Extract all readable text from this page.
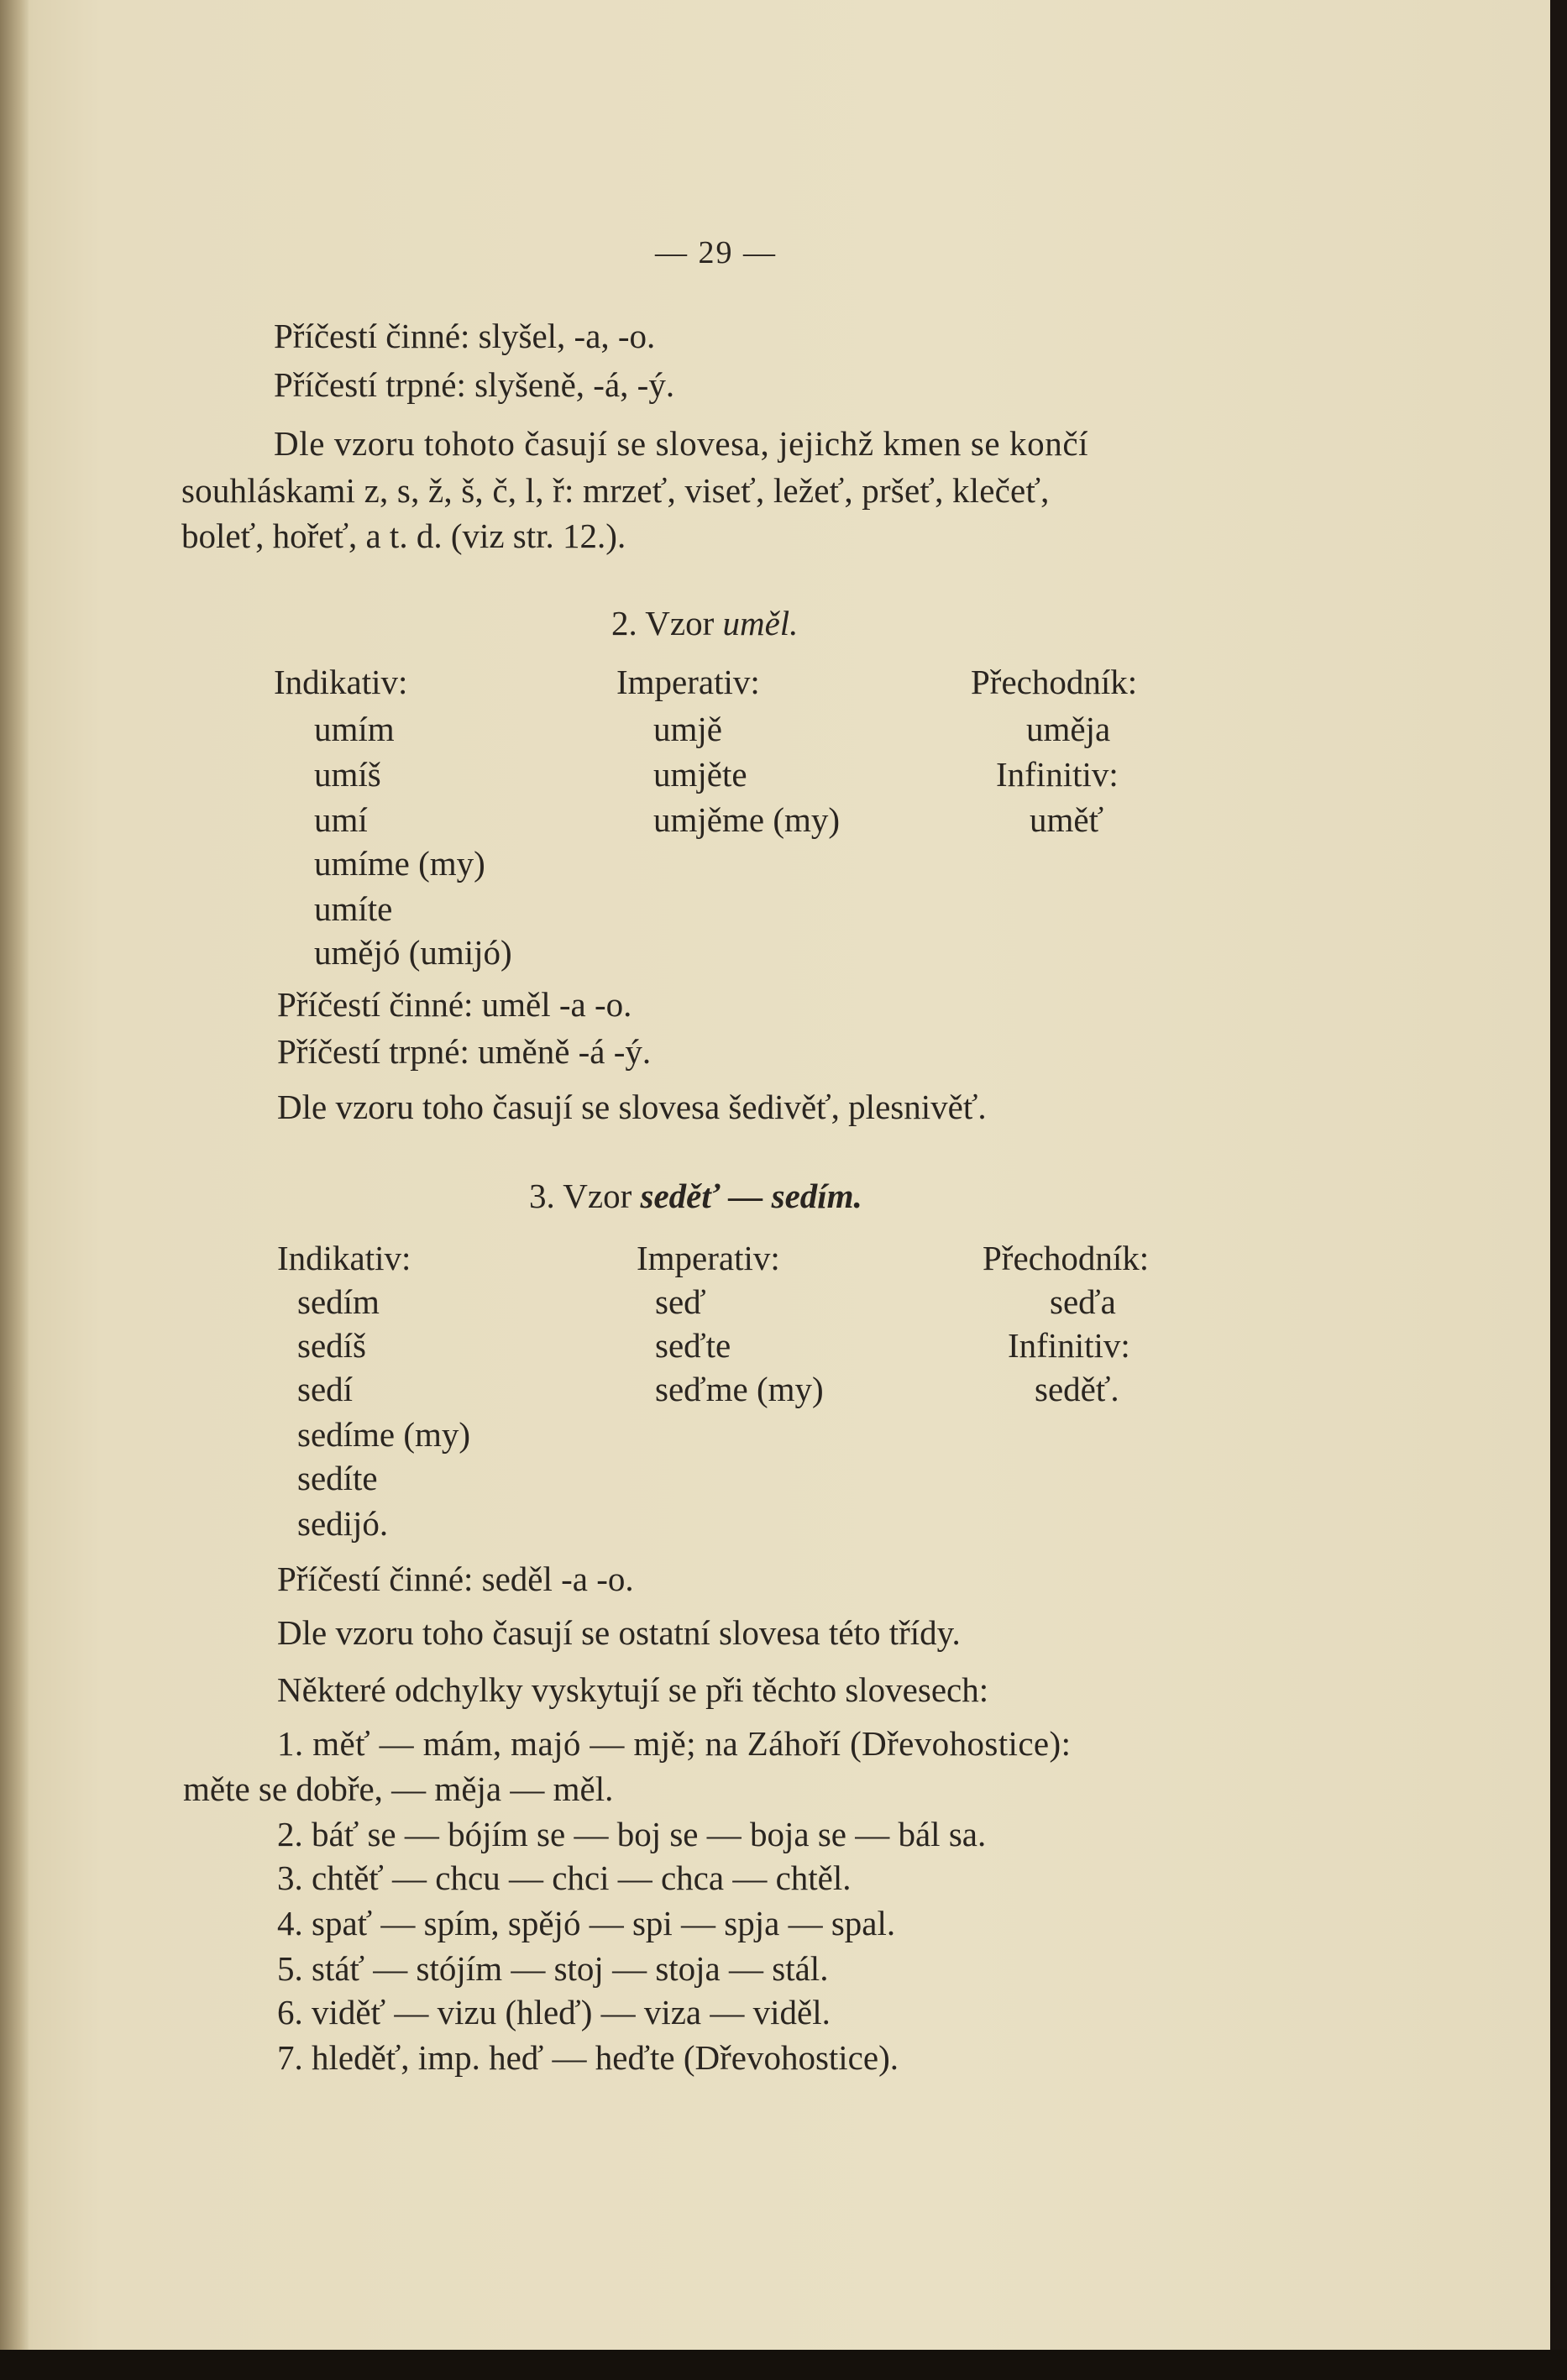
— 29 —
Příčestí činné: slyšel, -a, -o.
Příčestí trpné: slyšeně, -á, -ý.
Dle vzoru tohoto časují se slovesa, jejichž kmen se končí
souhláskami z, s, ž, š, č, l, ř: mrzeť, viseť, ležeť, pršeť, klečeť,
boleť, hořeť, a t. d. (viz str. 12.).
2. Vzor uměl.
Indikativ:
umím
umíš
umí
umíme (my)
umíte
umějó (umijó)
Imperativ:
umjě
umjěte
umjěme (my)
Přechodník:
uměja
Infinitiv:
uměť
Příčestí činné: uměl -a -o.
Příčestí trpné: uměně -á -ý.
Dle vzoru toho časují se slovesa šedivěť, plesnivěť.
3. Vzor seděť — sedím.
Indikativ:
sedím
sedíš
sedí
sedíme (my)
sedíte
sedijó.
Imperativ:
seď
seďte
seďme (my)
Přechodník:
seďa
Infinitiv:
seděť.
Příčestí činné: seděl -a -o.
Dle vzoru toho časují se ostatní slovesa této třídy.
Některé odchylky vyskytují se při těchto slovesech:
1. měť — mám, majó — mjě; na Záhoří (Dřevohostice):
měte se dobře, — měja — měl.
2. báť se — bójím se — boj se — boja se — bál sa.
3. chtěť — chcu — chci — chca — chtěl.
4. spať — spím, spějó — spi — spja — spal.
5. stáť — stójím — stoj — stoja — stál.
6. viděť — vizu (hleď) — viza — viděl.
7. hleděť, imp. heď — heďte (Dřevohostice).
